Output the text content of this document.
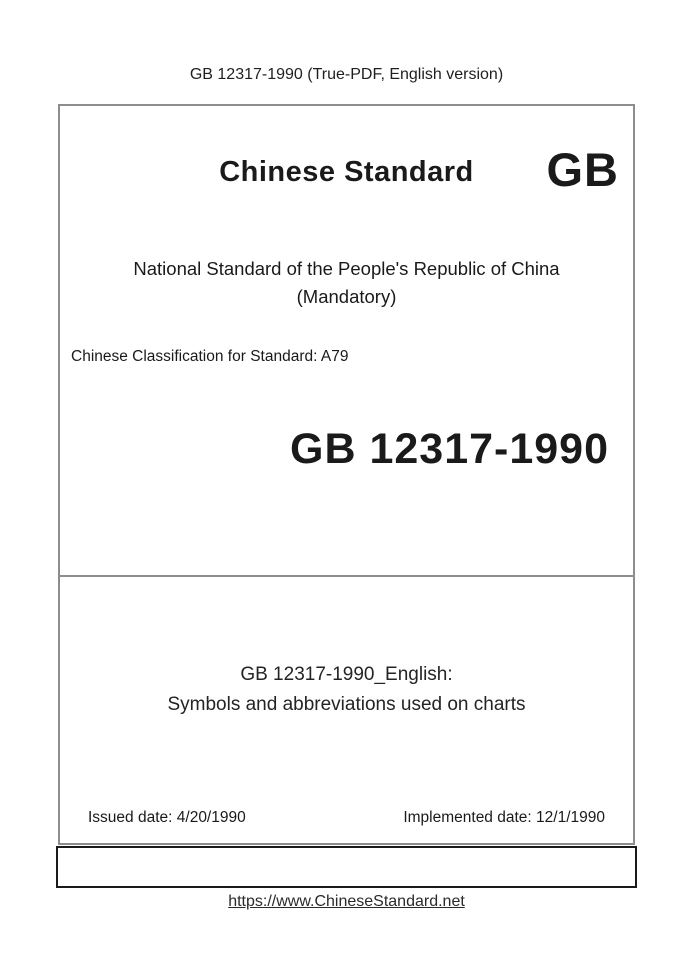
GB 12317-1990 (True-PDF, English version)
Chinese Standard	GB
National Standard of the People's Republic of China
(Mandatory)
Chinese Classification for Standard: A79
GB 12317-1990
GB 12317-1990_English:
Symbols and abbreviations used on charts
Issued date: 4/20/1990	Implemented date: 12/1/1990
https://www.ChineseStandard.net
